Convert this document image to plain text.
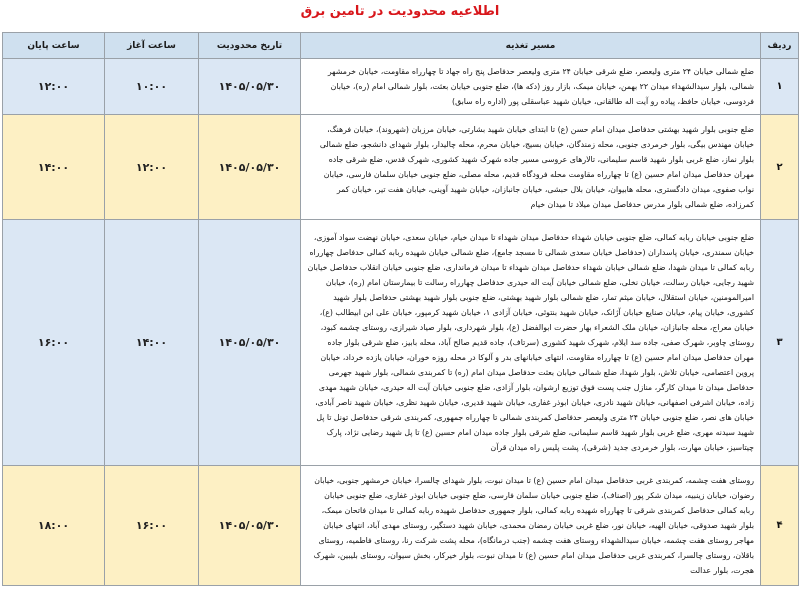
اطلاعیه محدودیت در تامین برق
ردیف	مسیر تغذیه	تاریخ محدودیت	ساعت آغاز	ساعت پایان
۱	ضلع شمالی خیابان ۲۴ متری ولیعصر، ضلع شرقی خیابان ۲۴ متری ولیعصر حدفاصل پنج راه جهاد تا چهارراه مقاومت، خیابان خرمشهر شمالی، بلوار سیدالشهداء میدان ۲۲ بهمن، خیابان میمک، بازار روز (دکه ها)، ضلع جنوبی خیابان بعثت، بلوار شمالی امام (ره)، خیابان فردوسی، خیابان حافظ، پیاده رو آیت اله طالقانی، خیابان شهید عباسقلی پور (اداره راه سابق)	۱۴۰۵/۰۵/۳۰	۱۰:۰۰	۱۲:۰۰
۲	ضلع جنوبی بلوار شهید بهشتی حدفاصل میدان امام حسن (ع) تا ابتدای خیابان شهید بشارتی، خیابان مرزبان (شهروند)، خیابان فرهنگ، خیابان مهندس بیگی، بلوار خرمردی جنوبی، محله زمندگان، خیابان بسیج، خیابان محرم، محله چالیدار، بلوار شهدای دانشجو، ضلع شمالی بلوار نماز، ضلع غربی بلوار شهید قاسم سلیمانی، تالارهای عروسی مسیر جاده شهرک شهید کشوری، شهرک قدس، ضلع شرقی جاده مهران حدفاصل میدان امام حسین (ع) تا چهارراه مقاومت محله فرودگاه قدیم، محله مصلی، ضلع جنوبی خیابان سلمان فارسی، خیابان نواب صفوی، میدان دادگستری، محله هابیوان، خیابان بلال حبشی، خیابان جانبازان، خیابان شهید آوینی، خیابان هفت تیر، خیابان کمر کمرزاده، ضلع شمالی بلوار مدرس حدفاصل میدان میلاد تا میدان خیام	۱۴۰۵/۰۵/۳۰	۱۲:۰۰	۱۴:۰۰
۳	ضلع جنوبی خیابان ربابه کمالی، ضلع جنوبی خیابان شهداء حدفاصل میدان شهداء تا میدان خیام، خیابان سعدی، خیابان نهضت سواد آموزی، خیابان سمندری، خیابان پاسداران (حدفاصل خیابان سعدی شمالی تا مسجد جامع)، ضلع شمالی خیابان شهیده ربابه کمالی حدفاصل چهارراه ربابه کمالی تا میدان شهدا، ضلع شمالی خیابان شهداء حدفاصل میدان شهداء تا میدان فرمانداری، ضلع جنوبی خیابان انقلاب حدفاصل خیابان شهید رجایی، خیابان رسالت، خیابان نخلی، ضلع شمالی خیابان آیت اله حیدری حدفاصل چهارراه رسالت تا بیمارستان امام (ره)، خیابان امیرالمومنین، خیابان استقلال، خیابان میثم تمار، ضلع شمالی بلوار شهید بهشتی، ضلع جنوبی بلوار شهید بهشتی حدفاصل بلوار شهید کشوری، خیابان پیام، خیابان صنایع خیابان آژانک، خیابان شهید بنتوئی، خیابان آزادی ۱، خیابان شهید کرمپور، خیابان علی ابن ابیطالب (ع)، خیابان معراج، محله جانبازان، خیابان ملک الشعراء بهار حضرت ابوالفضل (ع)، بلوار شهرداری، بلوار صیاد شیرازی، روستای چشمه کبود، روستای چاوبر، شهرک صفی، جاده سد ایلام، شهرک شهید کشوری (سرتاف)، جاده قدیم صالح آباد، محله بابیز، ضلع شرقی بلوار جاده مهران حدفاصل میدان امام حسین (ع) تا چهارراه مقاومت، انتهای خیابانهای بدر و آلوکا در محله روزه خوران، خیابان یازده خرداد، خیابان پروین اعتصامی، خیابان تلاش، بلوار شهدا، ضلع شمالی خیابان بعثت حدفاصل میدان امام (ره) تا کمربندی شمالی، بلوار شهید جهرمی حدفاصل میدان تا میدان کارگر، منازل جنب پست فوق توزیع ارشوان، بلوار آزادی، ضلع جنوبی خیابان آیت اله حیدری، خیابان شهید مهدی زاده، خیابان اشرفی اصفهانی، خیابان شهید نادری، خیابان ابوذر غفاری، خیابان شهید قدیری، خیابان شهید نظری، خیابان شهید ناصر آبادی، خیابان های نصر، ضلع جنوبی خیابان ۲۴ متری ولیعصر حدفاصل کمربندی شمالی تا چهارراه جمهوری، کمربندی شرقی حدفاصل تونل تا پل شهید سیدنه مهری، ضلع غربی بلوار شهید قاسم سلیمانی، ضلع شرقی بلوار جاده میدان امام حسین (ع) تا پل شهید رضایی نژاد، پارک چیتاسیز، خیابان مهارت، بلوار خرمردی جدید (شرقی)، پشت پلیس راه میدان قرآن	۱۴۰۵/۰۵/۳۰	۱۴:۰۰	۱۶:۰۰
۴	روستای هفت چشمه، کمربندی غربی حدفاصل میدان امام حسین (ع) تا میدان نبوت، بلوار شهدای چالسرا، خیابان خرمشهر جنوبی، خیابان رضوان، خیابان زینبیه، میدان شکر پور (اصناف)، ضلع جنوبی خیابان سلمان فارسی، ضلع جنوبی خیابان ابوذر غفاری، ضلع جنوبی خیابان ربابه کمالی حدفاصل کمربندی شرقی تا چهارراه شهیده ربابه کمالی، بلوار جمهوری حدفاصل شهیده ربابه کمالی تا میدان فاتحان میمک، بلوار شهید صدوقی، خیابان الهیه، خیابان نور، ضلع غربی خیابان رمضان محمدی، خیابان شهید دستگیر، روستای مهدی آباد، انتهای خیابان مهاجر روستای هفت چشمه، خیابان سیدالشهداء روستای هفت چشمه (جنب درمانگاه)، محله پشت شرکت رنا، روستای فاطمیه، روستای باقلان، روستای چالسرا، کمربندی غربی حدفاصل میدان امام حسین (ع) تا میدان نبوت، بلوار خیرکار، بخش سیوان، روستای بلیبین، شهرک هجرت، بلوار عدالت	۱۴۰۵/۰۵/۳۰	۱۶:۰۰	۱۸:۰۰
